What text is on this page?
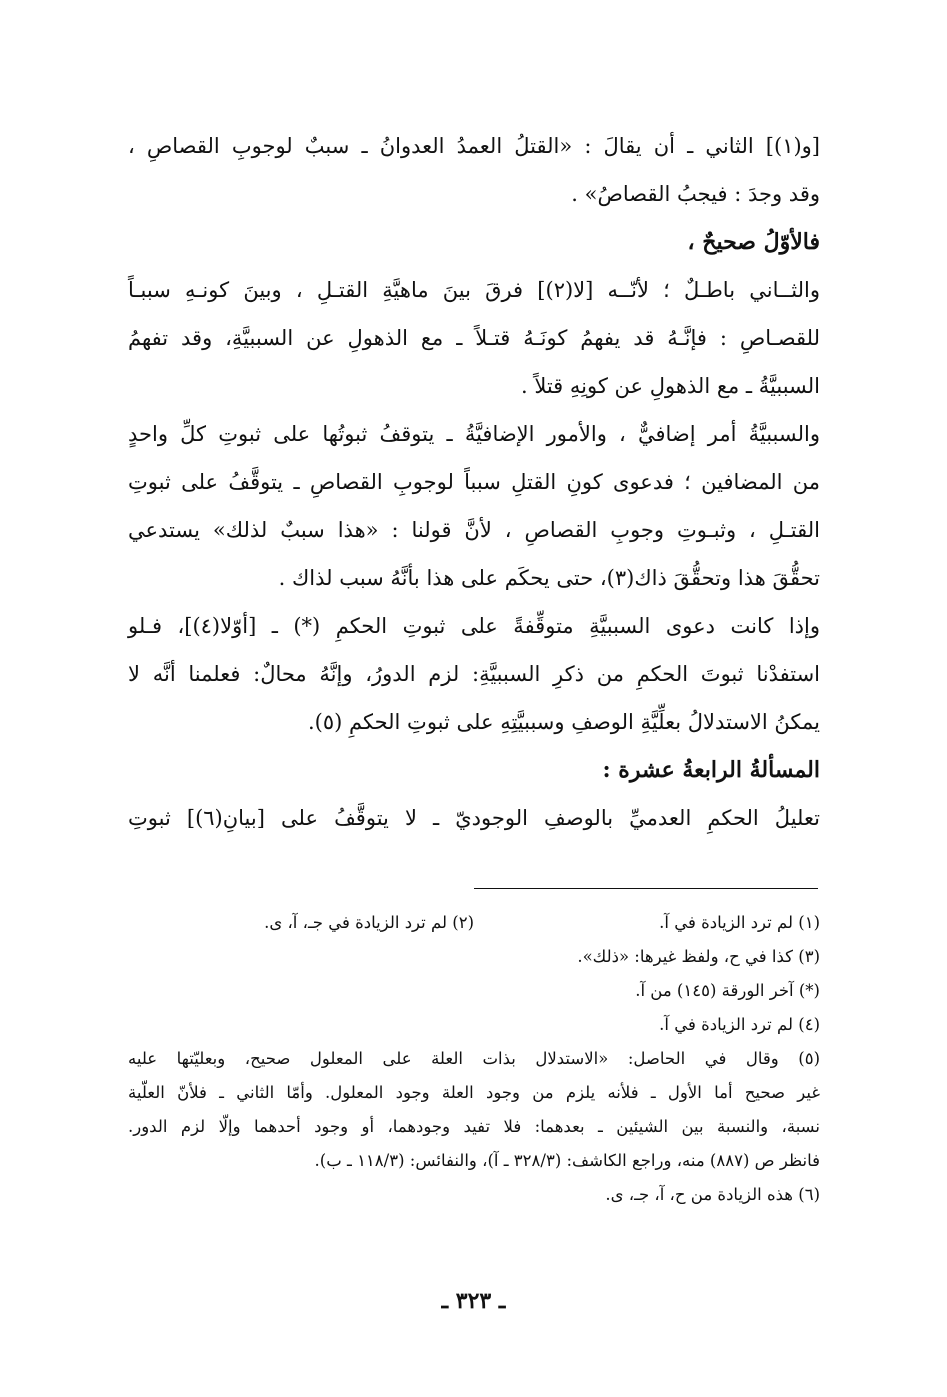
[و(١)] الثاني ـ أن يقالَ : «القتلُ العمدُ العدوانُ ـ سببٌ لوجوبِ القصاصِ ،
وقد وجدَ : فيجبُ القصاصُ» .
فالأوّلُ صحيحٌ ،
والثــاني باطـلٌ ؛ لأنّــه [لا(٢)] فرقَ بينَ ماهيَّةِ القتـلِ ، وبينَ كونـهِ سببـاً
للقصـاصِ : فإنَّـهُ قد يفهمُ كونَـهُ قتـلاً ـ مع الذهولِ عن السببيَّةِ، وقد تفهمُ
السببيَّةُ ـ مع الذهولِ عن كونِهِ قتلاً .
والسببيَّةُ أمر إضافيٌّ ، والأمور الإضافيَّةُ ـ يتوقفُ ثبوتُها على ثبوتِ كلِّ واحدٍ
من المضافين ؛ فدعوى كونِ القتلِ سبباً لوجوبِ القصاصِ ـ يتوقَّفُ على ثبوتِ
القتـلِ ، وثبـوتِ وجوبِ القصاصِ ، لأنَّ قولنا : «هذا سببٌ لذلك» يستدعي
تحقُّقَ هذا وتحقُّقَ ذاك(٣)، حتى يحكَم على هذا بأنَّهُ سبب لذاك .
وإذا كانت دعوى السببيَّةِ متوقِّفةً على ثبوتِ الحكمِ (*) ـ [أوّلا(٤)]، فـلو
استفدْنا ثبوتَ الحكمِ من ذكرِ السببيَّةِ: لزم الدورُ، وإنَّهُ محالٌ: فعلمنا أنَّه لا
يمكنُ الاستدلالُ بعلِّيَّةِ الوصفِ وسببيَّتِهِ على ثبوتِ الحكمِ (٥).
المسألةُ الرابعةُ عشرة :
تعليلُ الحكمِ العدميِّ بالوصفِ الوجوديّ ـ لا يتوقَّفُ على [بيانِ(٦)] ثبوتِ
(١) لم ترد الزيادة في آ.
(٢) لم ترد الزيادة في جـ، آ، ى.
(٣) كذا في ح، ولفظ غيرها: «ذلك».
(*) آخر الورقة (١٤٥) من آ.
(٤) لم ترد الزيادة في آ.
(٥) وقال في الحاصل: «الاستدلال بذات العلة على المعلول صحيح، وبعليّتها عليه
غير صحيح أما الأول ـ فلأنه يلزم من وجود العلة وجود المعلول. وأمّا الثاني ـ فلأنّ العلّية
نسبة، والنسبة بين الشيئين ـ بعدهما: فلا تفيد وجودهما، أو وجود أحدهما وإلّا لزم الدور.
فانظر ص (٨٨٧) منه، وراجع الكاشف: (٣٢٨/٣ ـ آ)، والنفائس: (١١٨/٣ ـ ب).
(٦) هذه الزيادة من ح، آ، جـ، ى.
ـ ٣٢٣ ـ
